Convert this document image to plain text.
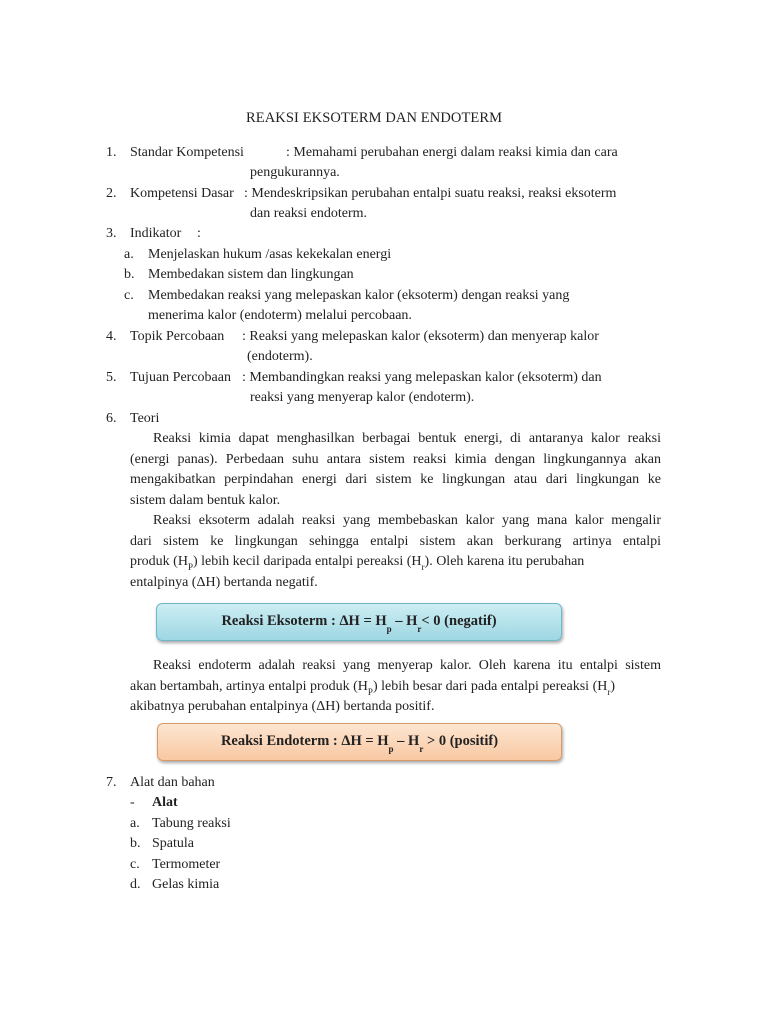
REAKSI EKSOTERM DAN ENDOTERM
1. Standar Kompetensi	: Memahami perubahan energi dalam reaksi kimia dan cara
pengukurannya.
2. Kompetensi Dasar : Mendeskripsikan perubahan entalpi suatu reaksi, reaksi eksoterm
dan reaksi endoterm.
3. Indikator :
a. Menjelaskan hukum /asas kekekalan energi
b. Membedakan sistem dan lingkungan
c. Membedakan reaksi yang melepaskan kalor (eksoterm) dengan reaksi yang
menerima kalor (endoterm) melalui percobaan.
4. Topik Percobaan : Reaksi yang melepaskan kalor (eksoterm) dan menyerap kalor
(endoterm).
5. Tujuan Percobaan : Membandingkan reaksi yang melepaskan kalor (eksoterm) dan
reaksi yang menyerap kalor (endoterm).
6. Teori
Reaksi kimia dapat menghasilkan berbagai bentuk energi, di antaranya kalor reaksi
(energi panas). Perbedaan suhu antara sistem reaksi kimia dengan lingkungannya akan
mengakibatkan perpindahan energi dari sistem ke lingkungan atau dari lingkungan ke
sistem dalam bentuk kalor.
Reaksi eksoterm adalah reaksi yang membebaskan kalor yang mana kalor mengalir
dari sistem ke lingkungan sehingga entalpi sistem akan berkurang artinya entalpi
produk $(H_P)$ lebih kecil daripada entalpi pereaksi $(H_r)$. Oleh karena itu perubahan
entalpinya (ΔH) bertanda negatif.
Reaksi Eksoterm : $\Delta H = H_p - H_r< 0$ (negatif)
Reaksi endoterm adalah reaksi yang menyerap kalor. Oleh karena itu entalpi sistem
akan bertambah, artinya entalpi produk $(H_P)$ lebih besar dari pada entalpi pereaksi $(H_r)$
akibatnya perubahan entalpinya (ΔH) bertanda positif.
Reaksi Endoterm : $\Delta H = H_p - H_r > 0$ (positif)
7. Alat dan bahan
- Alat
a. Tabung reaksi
b. Spatula
c. Termometer
d. Gelas kimia
